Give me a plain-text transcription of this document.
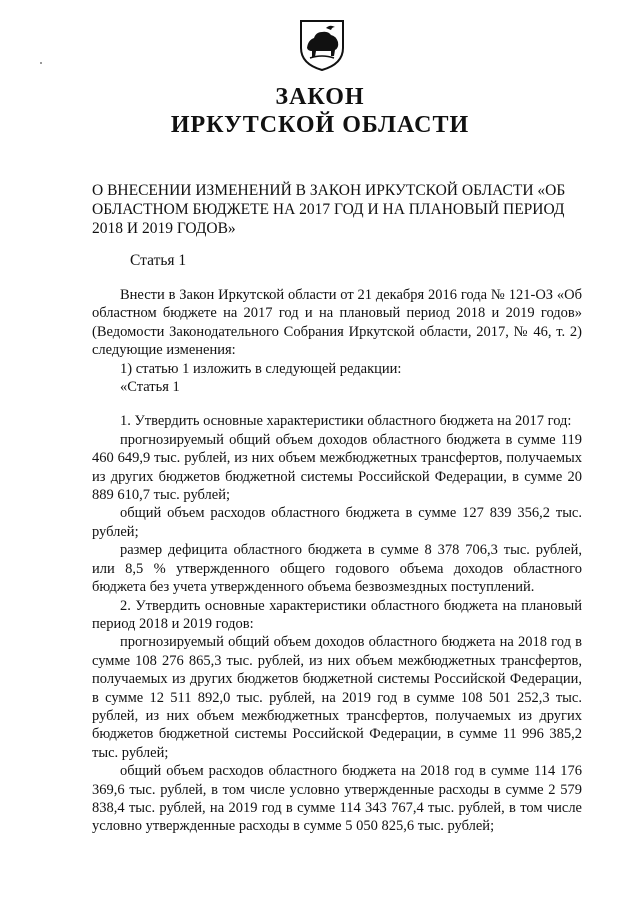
ЗАКОН
ИРКУТСКОЙ ОБЛАСТИ
О ВНЕСЕНИИ ИЗМЕНЕНИЙ В ЗАКОН ИРКУТСКОЙ ОБЛАСТИ «ОБ ОБЛАСТНОМ БЮДЖЕТЕ НА 2017 ГОД И НА ПЛАНОВЫЙ ПЕРИОД 2018 И 2019 ГОДОВ»
Статья 1

Внести в Закон Иркутской области от 21 декабря 2016 года № 121-ОЗ «Об областном бюджете на 2017 год и на плановый период 2018 и 2019 годов» (Ведомости Законодательного Собрания Иркутской области, 2017, № 46, т. 2) следующие изменения:

1) статью 1 изложить в следующей редакции:

«Статья 1

1. Утвердить основные характеристики областного бюджета на 2017 год:

прогнозируемый общий объем доходов областного бюджета в сумме 119 460 649,9 тыс. рублей, из них объем межбюджетных трансфертов, получаемых из других бюджетов бюджетной системы Российской Федерации, в сумме 20 889 610,7 тыс. рублей;

общий объем расходов областного бюджета в сумме 127 839 356,2 тыс. рублей;

размер дефицита областного бюджета в сумме 8 378 706,3 тыс. рублей, или 8,5 % утвержденного общего годового объема доходов областного бюджета без учета утвержденного объема безвозмездных поступлений.

2. Утвердить основные характеристики областного бюджета на плановый период 2018 и 2019 годов:

прогнозируемый общий объем доходов областного бюджета на 2018 год в сумме 108 276 865,3 тыс. рублей, из них объем межбюджетных трансфертов, получаемых из других бюджетов бюджетной системы Российской Федерации, в сумме 12 511 892,0 тыс. рублей, на 2019 год в сумме 108 501 252,3 тыс. рублей, из них объем межбюджетных трансфертов, получаемых из других бюджетов бюджетной системы Российской Федерации, в сумме 11 996 385,2 тыс. рублей;

общий объем расходов областного бюджета на 2018 год в сумме 114 176 369,6 тыс. рублей, в том числе условно утвержденные расходы в сумме 2 579 838,4 тыс. рублей, на 2019 год в сумме 114 343 767,4 тыс. рублей, в том числе условно утвержденные расходы в сумме 5 050 825,6 тыс. рублей;
